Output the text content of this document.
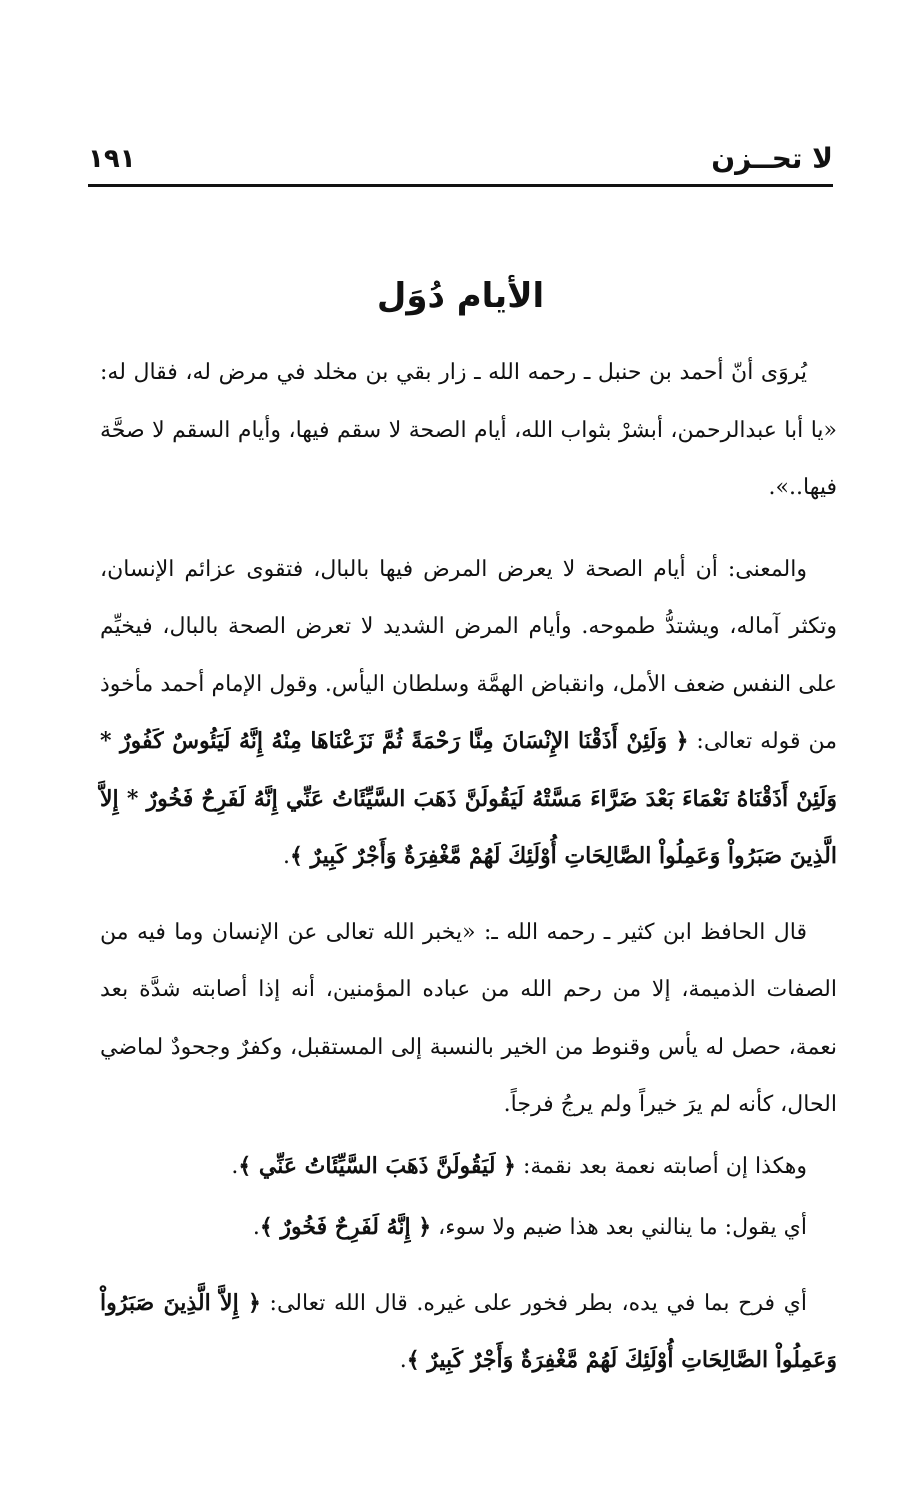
لا تحــزن
١٩١
الأيام دُوَل

يُروَى أنّ أحمد بن حنبل ـ رحمه الله ـ زار بقي بن مخلد في مرض له، فقال له: «يا أبا عبدالرحمن، أبشرْ بثواب الله، أيام الصحة لا سقم فيها، وأيام السقم لا صحَّة فيها..».

والمعنى: أن أيام الصحة لا يعرض المرض فيها بالبال، فتقوى عزائم الإنسان، وتكثر آماله، ويشتدُّ طموحه. وأيام المرض الشديد لا تعرض الصحة بالبال، فيخيِّم على النفس ضعف الأمل، وانقباض الهمَّة وسلطان اليأس. وقول الإمام أحمد مأخوذ من قوله تعالى: ﴿ وَلَئِنْ أَذَقْنَا الإِنْسَانَ مِنَّا رَحْمَةً ثُمَّ نَزَعْنَاهَا مِنْهُ إِنَّهُ لَيَئُوسٌ كَفُورٌ * وَلَئِنْ أَذَقْنَاهُ نَعْمَاءَ بَعْدَ ضَرَّاءَ مَسَّتْهُ لَيَقُولَنَّ ذَهَبَ السَّيِّئَاتُ عَنِّي إِنَّهُ لَفَرِحٌ فَخُورٌ * إِلاَّ الَّذِينَ صَبَرُواْ وَعَمِلُواْ الصَّالِحَاتِ أُوْلَئِكَ لَهُمْ مَّغْفِرَةٌ وَأَجْرٌ كَبِيرٌ ﴾.

قال الحافظ ابن كثير ـ رحمه الله ـ: «يخبر الله تعالى عن الإنسان وما فيه من الصفات الذميمة، إلا من رحم الله من عباده المؤمنين، أنه إذا أصابته شدَّة بعد نعمة، حصل له يأس وقنوط من الخير بالنسبة إلى المستقبل، وكفرٌ وجحودٌ لماضي الحال، كأنه لم يرَ خيراً ولم يرجُ فرجاً.

وهكذا إن أصابته نعمة بعد نقمة: ﴿ لَيَقُولَنَّ ذَهَبَ السَّيِّئَاتُ عَنِّي ﴾.

أي يقول: ما ينالني بعد هذا ضيم ولا سوء، ﴿ إِنَّهُ لَفَرِحٌ فَخُورٌ ﴾.

أي فرح بما في يده، بطر فخور على غيره. قال الله تعالى: ﴿ إِلاَّ الَّذِينَ صَبَرُواْ وَعَمِلُواْ الصَّالِحَاتِ أُوْلَئِكَ لَهُمْ مَّغْفِرَةٌ وَأَجْرٌ كَبِيرٌ ﴾.
